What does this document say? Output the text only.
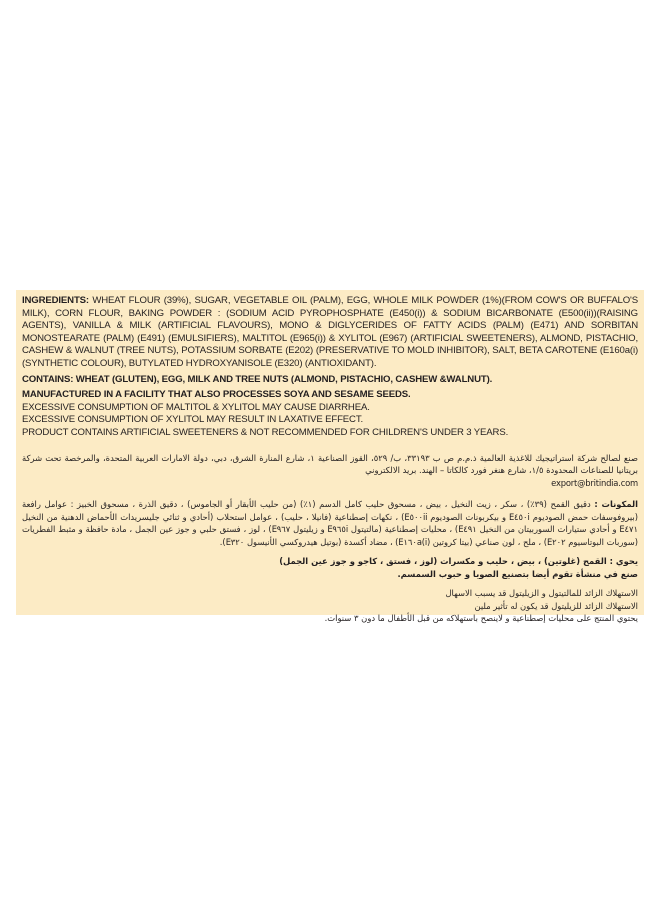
INGREDIENTS: WHEAT FLOUR (39%), SUGAR, VEGETABLE OIL (PALM), EGG, WHOLE MILK POWDER (1%)(FROM COW'S OR BUFFALO'S MILK), CORN FLOUR, BAKING POWDER : (SODIUM ACID PYROPHOSPHATE (E450(i)) & SODIUM BICARBONATE (E500(ii))(RAISING AGENTS), VANILLA & MILK (ARTIFICIAL FLAVOURS), MONO & DIGLYCERIDES OF FATTY ACIDS (PALM) (E471) AND SORBITAN MONOSTEARATE (PALM) (E491) (EMULSIFIERS), MALTITOL (E965(i)) & XYLITOL (E967) (ARTIFICIAL SWEETENERS), ALMOND, PISTACHIO, CASHEW & WALNUT (TREE NUTS), POTASSIUM SORBATE (E202) (PRESERVATIVE TO MOLD INHIBITOR), SALT, BETA CAROTENE (E160a(i) (SYNTHETIC COLOUR), BUTYLATED HYDROXYANISOLE (E320) (ANTIOXIDANT).

CONTAINS: WHEAT (GLUTEN), EGG, MILK AND TREE NUTS (ALMOND, PISTACHIO, CASHEW &WALNUT).

MANUFACTURED IN A FACILITY THAT ALSO PROCESSES SOYA AND SESAME SEEDS.

EXCESSIVE CONSUMPTION OF MALTITOL & XYLITOL MAY CAUSE DIARRHEA.

EXCESSIVE CONSUMPTION OF XYLITOL MAY RESULT IN LAXATIVE EFFECT.

PRODUCT CONTAINS ARTIFICIAL SWEETENERS & NOT RECOMMENDED FOR CHILDREN'S UNDER 3 YEARS.

صنع لصالح شركة استراتيجيك للاغذية العالمية ذ.م.م ص ب ٣٣١٩٣، ب/ ٥٢٩، القوز الصناعية ١، شارع المنارة الشرق، دبي، دولة الامارات العربية المتحدة، والمرخصة تحت شركة بريتانيا للصناعات المحدودة ١/٥، شارع هنغر فورد كالكاتا – الهند. بريد الالكتروني

export@britindia.com

المكونات : دقيق القمح (٣٩٪) ، سكر ، زيت النخيل ، بيض ، مسحوق حليب كامل الدسم (١٪) (من حليب الأبقار أو الجاموس) ، دقيق الذرة ، مسحوق الخبيز : عوامل رافعة (بيروفوسفات حمض الصوديوم E٤٥٠i و بيكربونات الصوديوم E٥٠٠ii) ، نكهات إصطناعية (فانيلا ، حليب) ، عوامل استحلاب (أحادي و ثنائي جليسريدات الأحماض الدهنية من النخيل E٤٧١ و أحادي ستيارات السوربيتان من النخيل E٤٩١) ، محليات إصطناعية (مالتيتول E٩٦٥i و زيليتول E٩٦٧) ، لوز ، فستق حلبي و جوز عين الجمل ، مادة حافظة و مثبط الفطريات (سوربات البوتاسيوم E٢٠٢) ، ملح ، لون صناعي (بيتا كروتين E١٦٠a(i)) ، مضاد أكسدة (بوتيل هيدروكسي الأنيسول E٣٢٠).

يحوي : القمح (غلوتين) ، بيض ، حليب و مكسرات (لوز ، فستق ، كاجو و جوز عين الجمل)

صنع في منشأة تقوم أيضا بتصنيع الصويا و حبوب السمسم.

الاستهلاك الزائد للمالتيتول و الزيليتول قد يسبب الاسهال

الاستهلاك الزائد للزيليتول قد يكون له تأثير ملين

يحتوي المنتج على محليات إصطناعية و لاينصح باستهلاكه من قبل الأطفال ما دون ٣ سنوات.
